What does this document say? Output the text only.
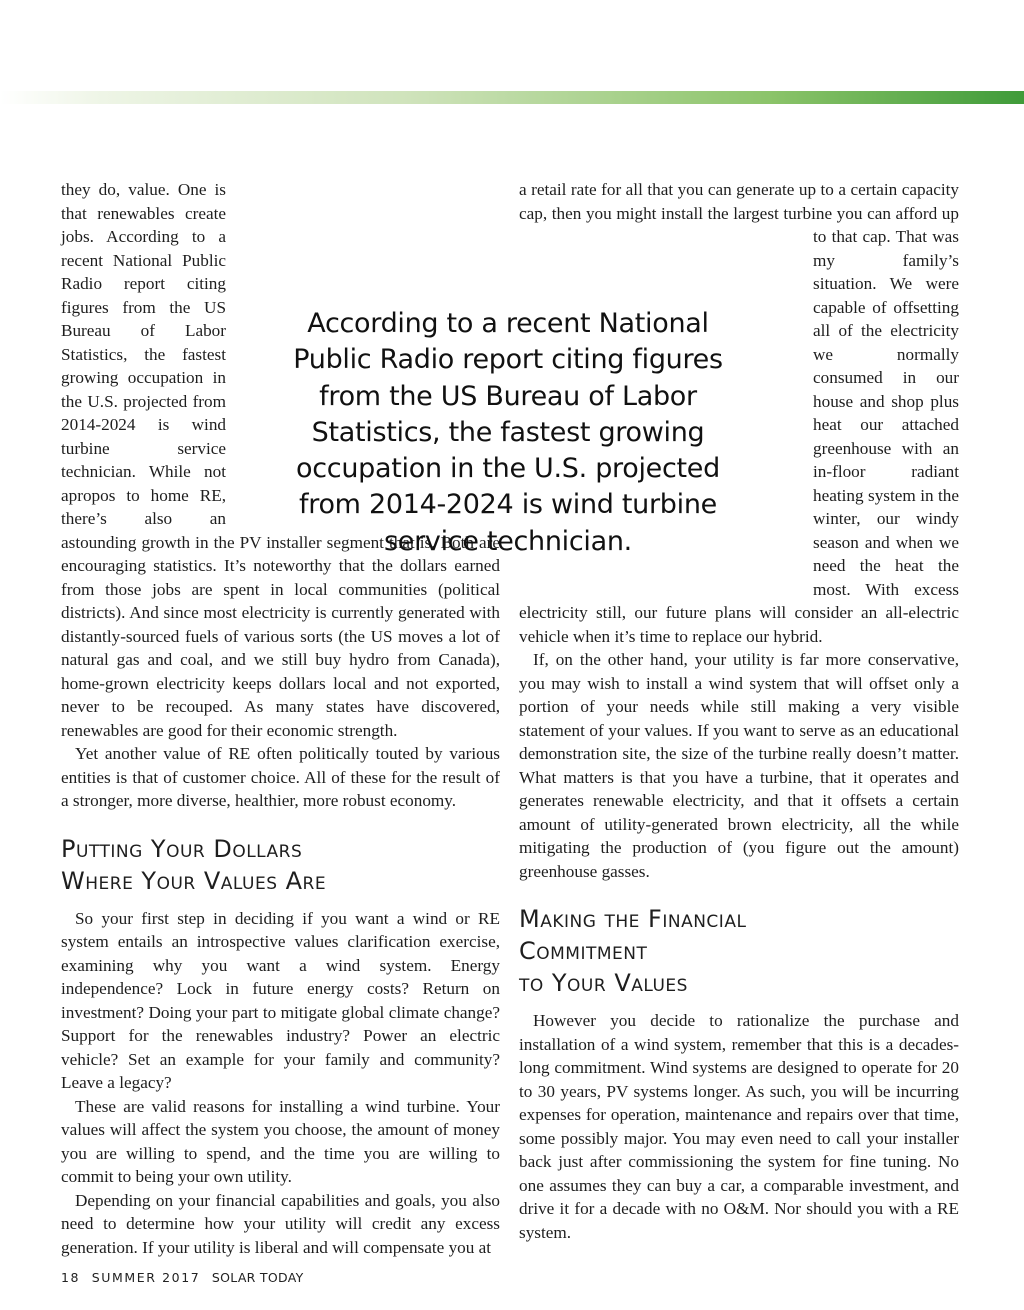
they do, value. One is that renewables create jobs. According to a recent National Public Radio report citing figures from the US Bureau of Labor Statistics, the fastest growing occupation in the U.S. projected from 2014-2024 is wind turbine service technician. While not apropos to home RE, there’s also an astounding growth in the PV installer segment that is. Both are encouraging statistics. It’s noteworthy that the dollars earned from those jobs are spent in local communities (political districts). And since most electricity is currently generated with distantly-sourced fuels of various sorts (the US moves a lot of natural gas and coal, and we still buy hydro from Canada), home-grown electricity keeps dollars local and not exported, never to be recouped. As many states have discovered, renewables are good for their economic strength.

Yet another value of RE often politically touted by various entities is that of customer choice. All of these for the result of a stronger, more diverse, healthier, more robust economy.

Putting Your Dollars
Where Your Values Are

So your first step in deciding if you want a wind or RE system entails an introspective values clarification exercise, examining why you want a wind system. Energy independence? Lock in future energy costs? Return on investment? Doing your part to mitigate global climate change? Support for the renewables industry? Power an electric vehicle? Set an example for your family and community? Leave a legacy?

These are valid reasons for installing a wind turbine. Your values will affect the system you choose, the amount of money you are willing to spend, and the time you are willing to commit to being your own utility.

Depending on your financial capabilities and goals, you also need to determine how your utility will credit any excess generation. If your utility is liberal and will compensate you at

a retail rate for all that you can generate up to a certain capacity cap, then you might install the largest turbine you can afford up to that cap. That was my family’s situation. We were capable of offsetting all of the electricity we normally consumed in our house and shop plus heat our attached greenhouse with an in-floor radiant heating system in the winter, our windy season and when we need the heat the most. With excess electricity still, our future plans will consider an all-electric vehicle when it’s time to replace our hybrid.

If, on the other hand, your utility is far more conservative, you may wish to install a wind system that will offset only a portion of your needs while still making a very visible statement of your values. If you want to serve as an educational demonstration site, the size of the turbine really doesn’t matter. What matters is that you have a turbine, that it operates and generates renewable electricity, and that it offsets a certain amount of utility-generated brown electricity, all the while mitigating the production of (you figure out the amount) greenhouse gasses.

Making the Financial
Commitment
to Your Values

However you decide to rationalize the purchase and installation of a wind system, remember that this is a decades-long commitment. Wind systems are designed to operate for 20 to 30 years, PV systems longer. As such, you will be incurring expenses for operation, maintenance and repairs over that time, some possibly major. You may even need to call your installer back just after commissioning the system for fine tuning. No one assumes they can buy a car, a comparable investment, and drive it for a decade with no O&M. Nor should you with a RE system.

According to a recent National Public Radio report citing figures from the US Bureau of Labor Statistics, the fastest growing occupation in the U.S. projected from 2014-2024 is wind turbine service technician.
18 SUMMER 2017 SOLAR TODAY
